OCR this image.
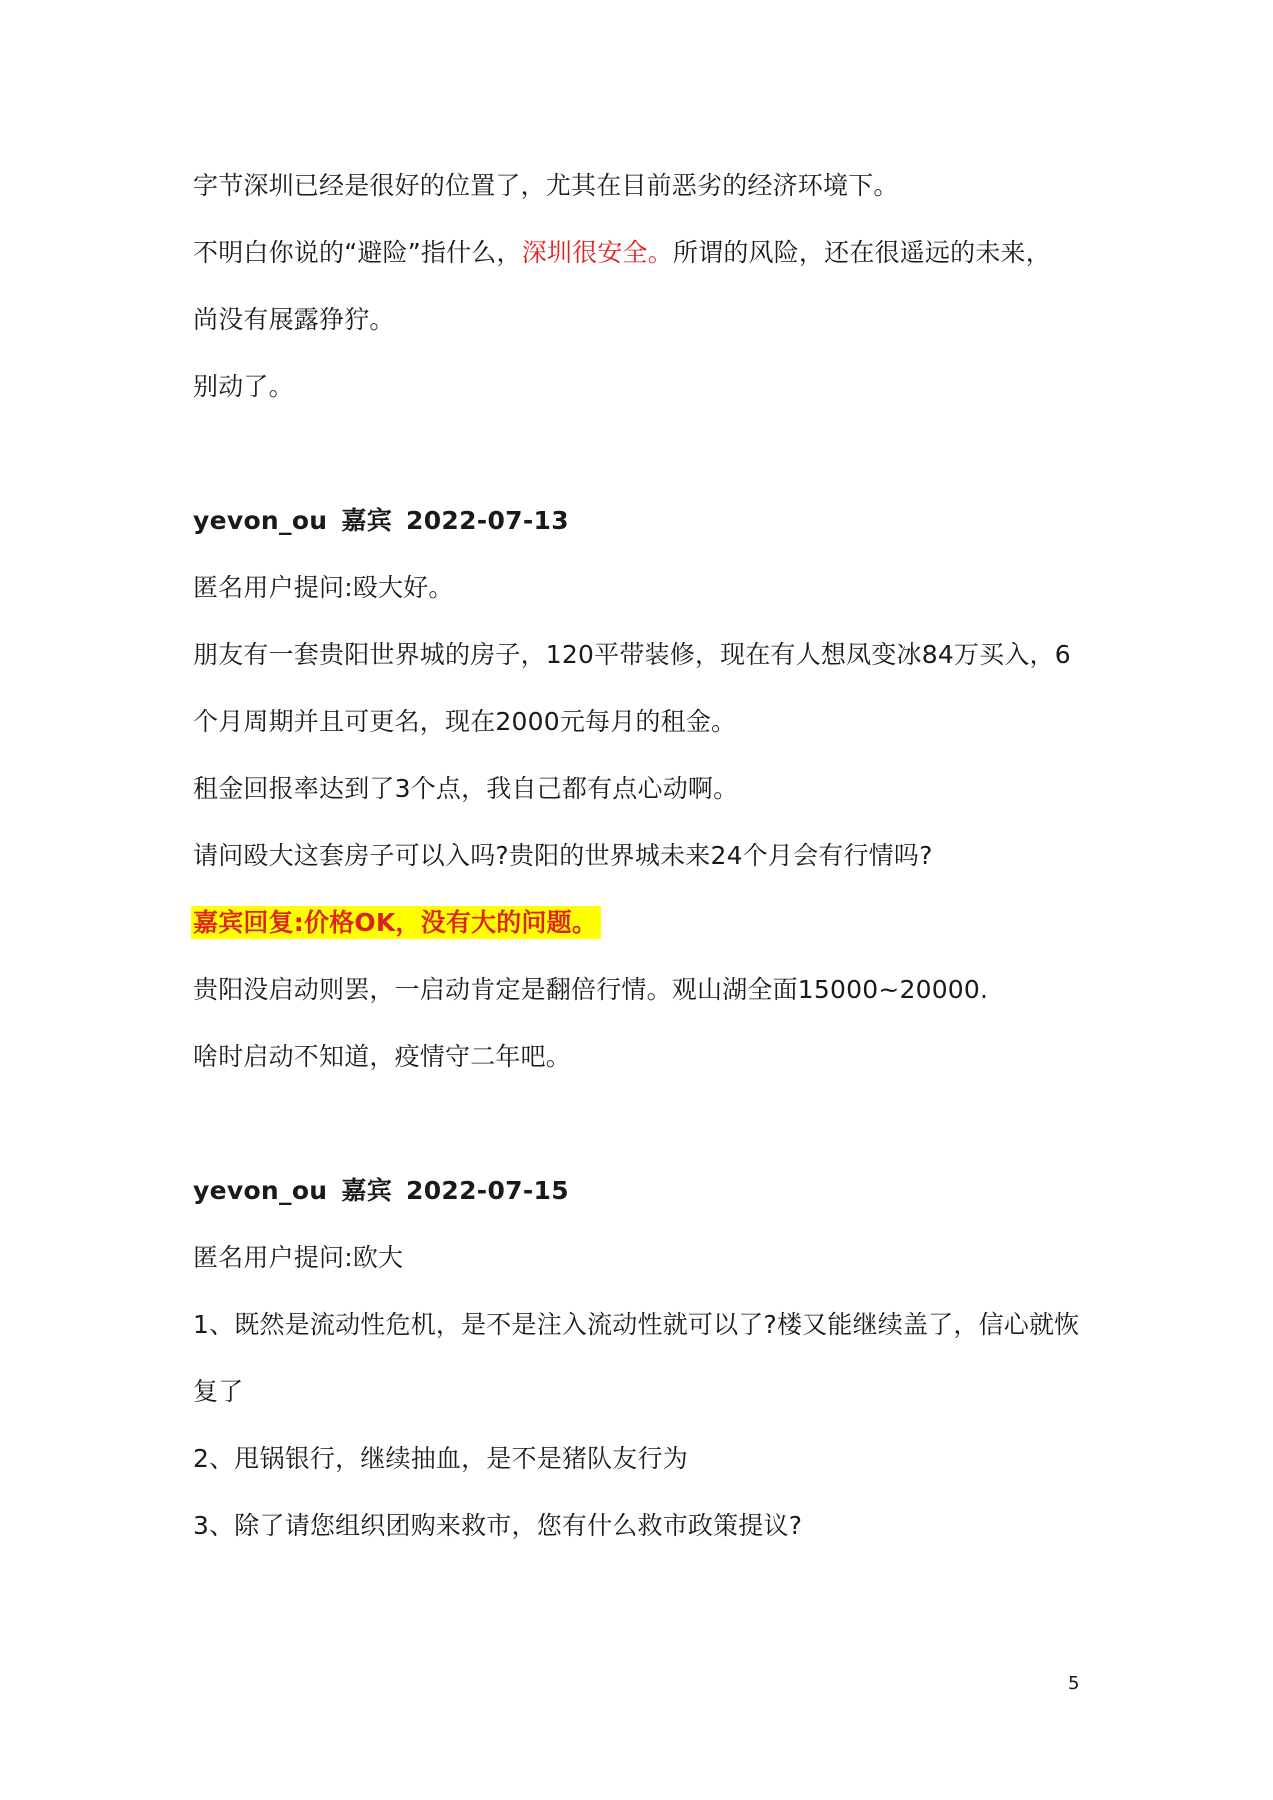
字节深圳已经是很好的位置了，尤其在目前恶劣的经济环境下。
不明白你说的“避险”指什么，深圳很安全。所谓的风险，还在很遥远的未来，
尚没有展露狰狞。
别动了。
yevon_ou 嘉宾 2022-07-13
匿名用户提问:殴大好。
朋友有一套贵阳世界城的房子，120平带装修，现在有人想凤变冰84万买入，6
个月周期并且可更名，现在2000元每月的租金。
租金回报率达到了3个点，我自己都有点心动啊。
请问殴大这套房子可以入吗?贵阳的世界城未来24个月会有行情吗?
嘉宾回复:价格OK，没有大的问题。
贵阳没启动则罢，一启动肯定是翻倍行情。观山湖全面15000~20000.
啥时启动不知道，疫情守二年吧。
yevon_ou 嘉宾 2022-07-15
匿名用户提问:欧大
1、既然是流动性危机，是不是注入流动性就可以了?楼又能继续盖了，信心就恢
复了
2、甩锅银行，继续抽血，是不是猪队友行为
3、除了请您组织团购来救市，您有什么救市政策提议?
5
